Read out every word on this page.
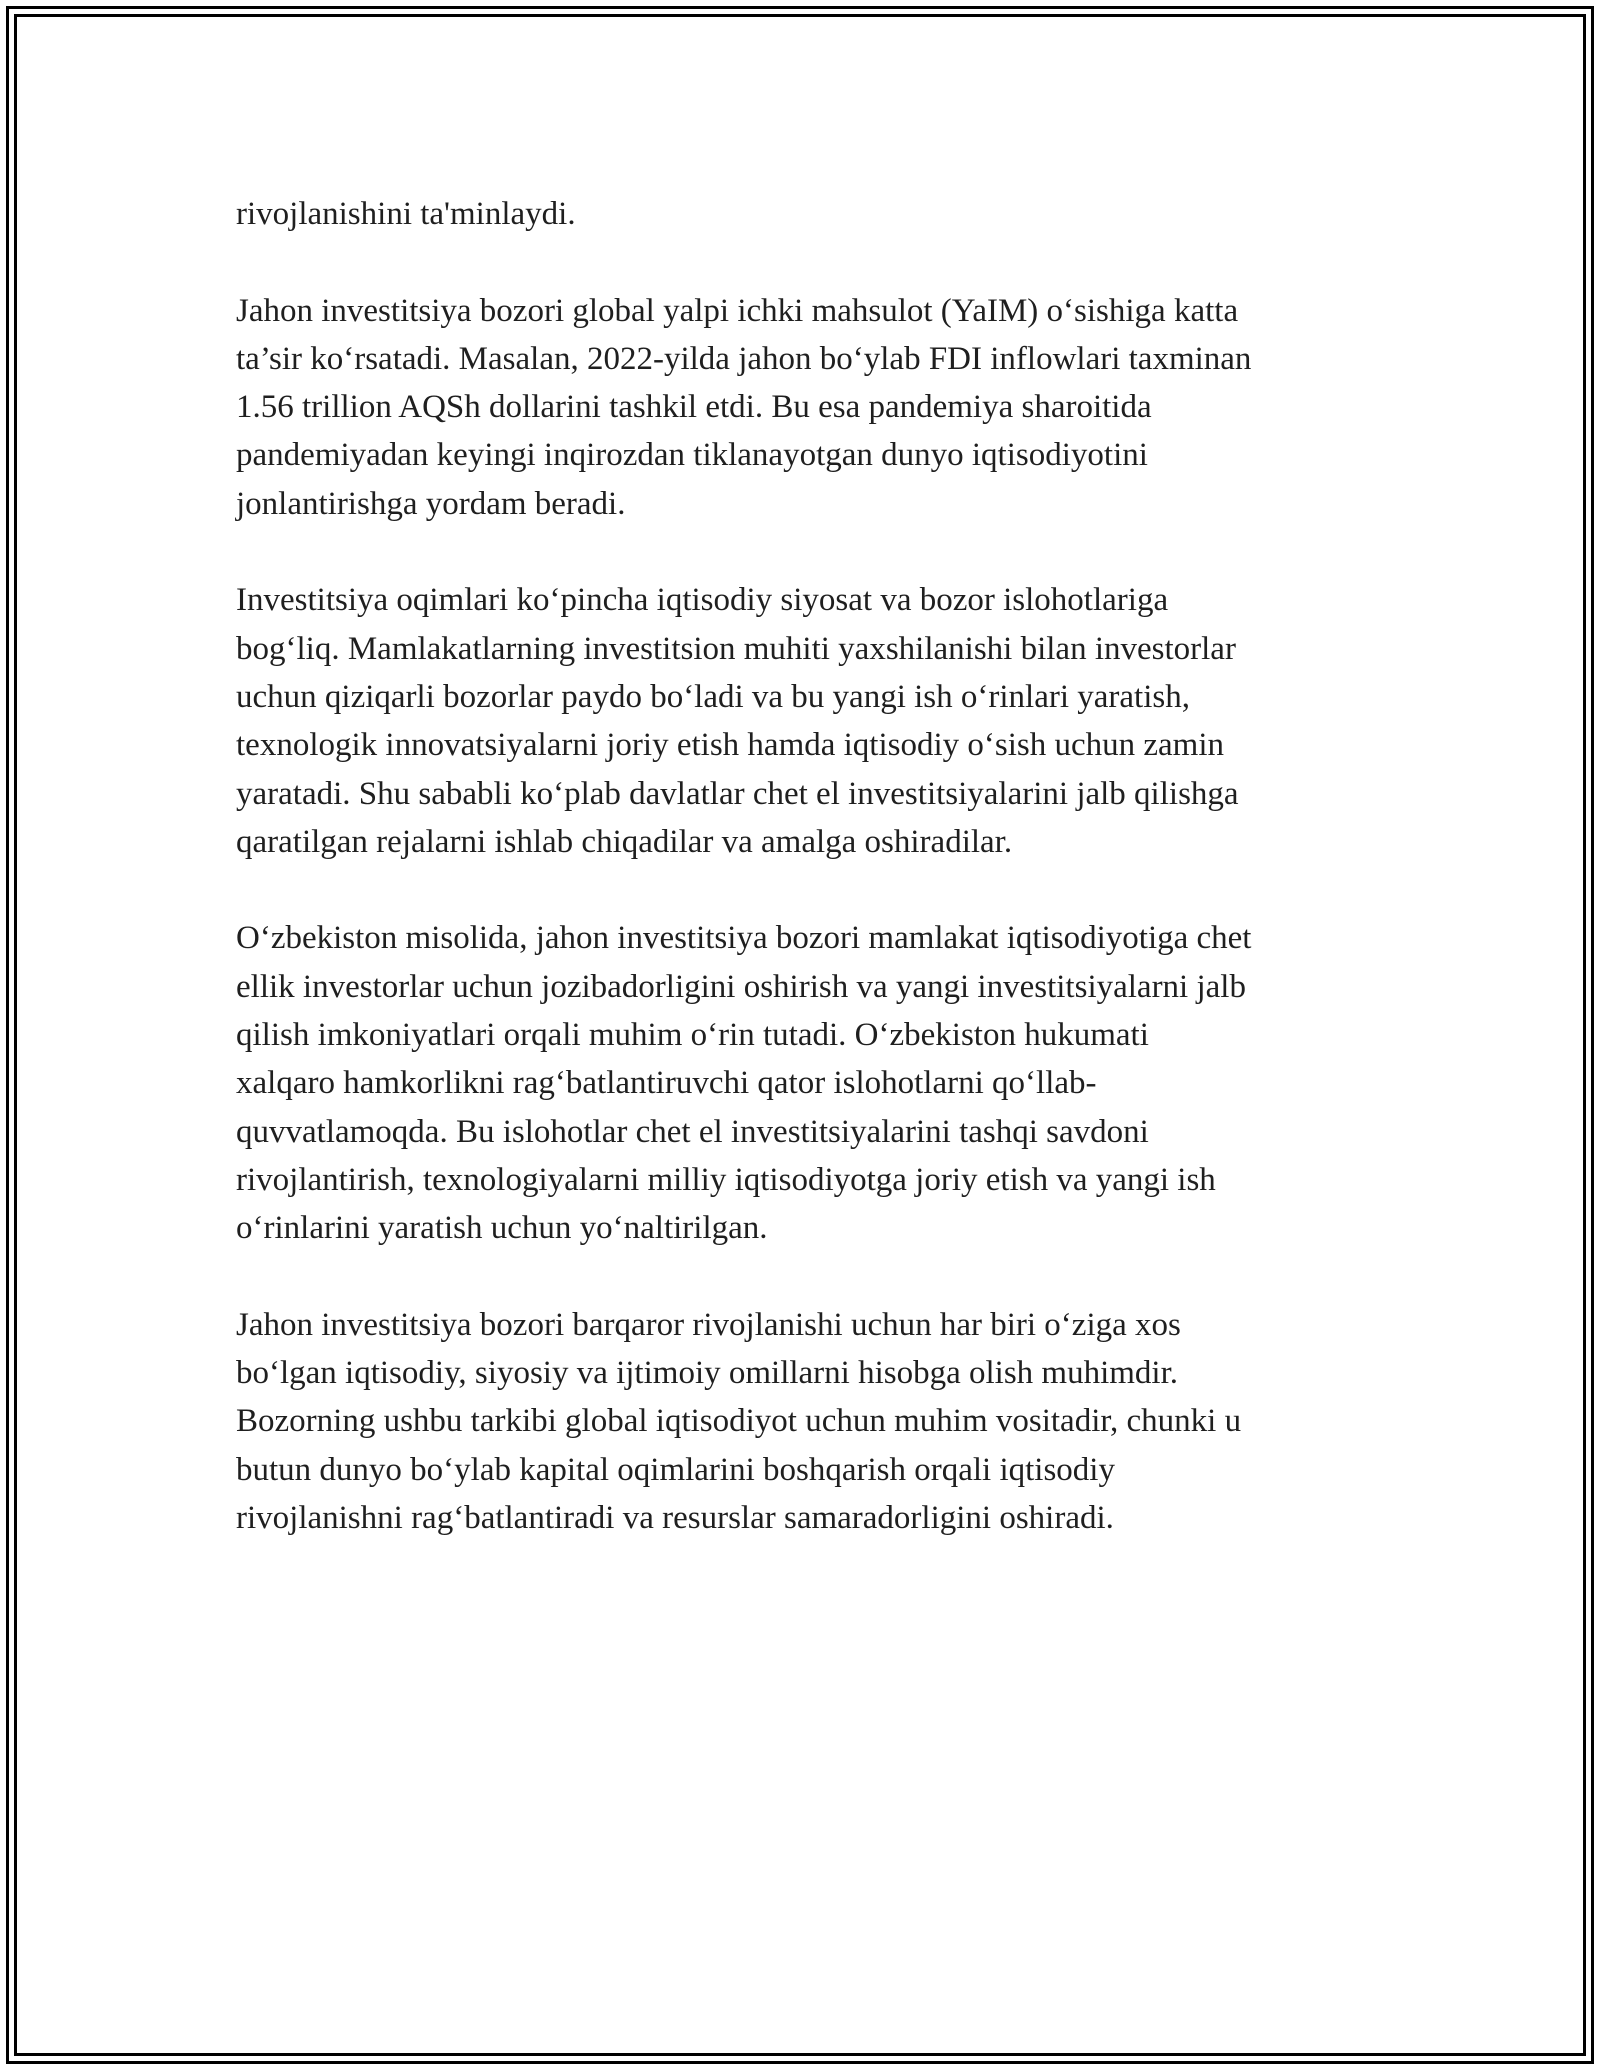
rivojlanishini ta'minlaydi.

Jahon investitsiya bozori global yalpi ichki mahsulot (YaIM) o‘sishiga katta
ta’sir ko‘rsatadi. Masalan, 2022-yilda jahon bo‘ylab FDI inflowlari taxminan
1.56 trillion AQSh dollarini tashkil etdi. Bu esa pandemiya sharoitida
pandemiyadan keyingi inqirozdan tiklanayotgan dunyo iqtisodiyotini
jonlantirishga yordam beradi.

Investitsiya oqimlari ko‘pincha iqtisodiy siyosat va bozor islohotlariga
bog‘liq. Mamlakatlarning investitsion muhiti yaxshilanishi bilan investorlar
uchun qiziqarli bozorlar paydo bo‘ladi va bu yangi ish o‘rinlari yaratish,
texnologik innovatsiyalarni joriy etish hamda iqtisodiy o‘sish uchun zamin
yaratadi. Shu sababli ko‘plab davlatlar chet el investitsiyalarini jalb qilishga
qaratilgan rejalarni ishlab chiqadilar va amalga oshiradilar.

O‘zbekiston misolida, jahon investitsiya bozori mamlakat iqtisodiyotiga chet
ellik investorlar uchun jozibadorligini oshirish va yangi investitsiyalarni jalb
qilish imkoniyatlari orqali muhim o‘rin tutadi. O‘zbekiston hukumati
xalqaro hamkorlikni rag‘batlantiruvchi qator islohotlarni qo‘llab-
quvvatlamoqda. Bu islohotlar chet el investitsiyalarini tashqi savdoni
rivojlantirish, texnologiyalarni milliy iqtisodiyotga joriy etish va yangi ish
o‘rinlarini yaratish uchun yo‘naltirilgan.

Jahon investitsiya bozori barqaror rivojlanishi uchun har biri o‘ziga xos
bo‘lgan iqtisodiy, siyosiy va ijtimoiy omillarni hisobga olish muhimdir.
Bozorning ushbu tarkibi global iqtisodiyot uchun muhim vositadir, chunki u
butun dunyo bo‘ylab kapital oqimlarini boshqarish orqali iqtisodiy
rivojlanishni rag‘batlantiradi va resurslar samaradorligini oshiradi.
